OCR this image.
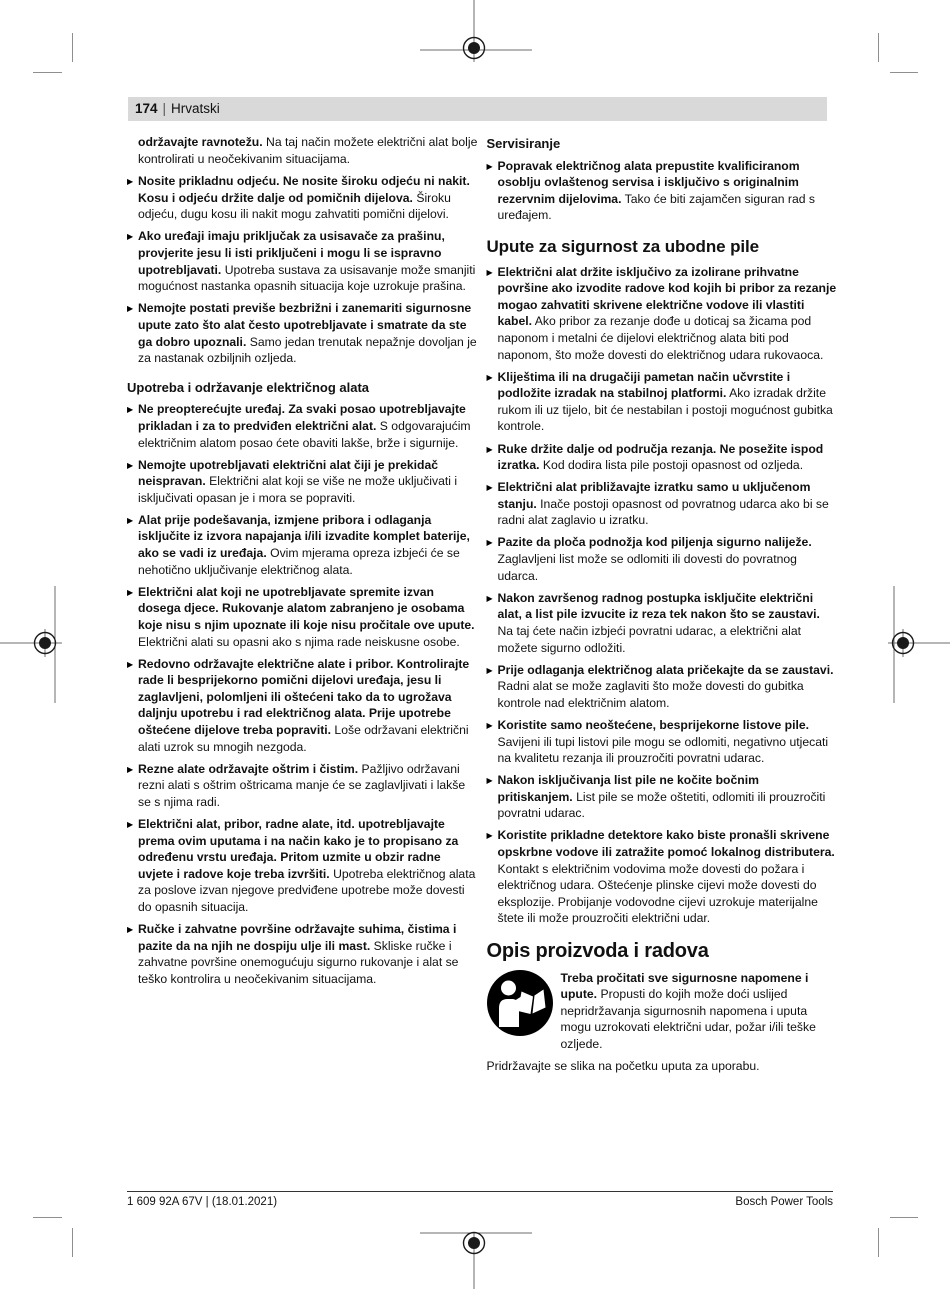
174 | Hrvatski

održavajte ravnotežu. Na taj način možete električni alat bolje kontrolirati u neočekivanim situacijama.

▶ Nosite prikladnu odjeću. Ne nosite široku odjeću ni nakit. Kosu i odjeću držite dalje od pomičnih dijelova. Široku odjeću, dugu kosu ili nakit mogu zahvatiti pomični dijelovi.

▶ Ako uređaji imaju priključak za usisavače za prašinu, provjerite jesu li isti priključeni i mogu li se ispravno upotrebljavati. Upotreba sustava za usisavanje može smanjiti mogućnost nastanka opasnih situacija koje uzrokuje prašina.

▶ Nemojte postati previše bezbrižni i zanemariti sigurnosne upute zato što alat često upotrebljavate i smatrate da ste ga dobro upoznali. Samo jedan trenutak nepažnje dovoljan je za nastanak ozbiljnih ozljeda.

Upotreba i održavanje električnog alata

▶ Ne preopterećujte uređaj. Za svaki posao upotrebljavajte prikladan i za to predviđen električni alat. S odgovarajućim električnim alatom posao ćete obaviti lakše, brže i sigurnije.

▶ Nemojte upotrebljavati električni alat čiji je prekidač neispravan. Električni alat koji se više ne može uključivati i isključivati opasan je i mora se popraviti.

▶ Alat prije podešavanja, izmjene pribora i odlaganja isključite iz izvora napajanja i/ili izvadite komplet baterije, ako se vadi iz uređaja. Ovim mjerama opreza izbjeći će se nehotično uključivanje električnog alata.

▶ Električni alat koji ne upotrebljavate spremite izvan dosega djece. Rukovanje alatom zabranjeno je osobama koje nisu s njim upoznate ili koje nisu pročitale ove upute. Električni alati su opasni ako s njima rade neiskusne osobe.

▶ Redovno održavajte električne alate i pribor. Kontrolirajte rade li besprijekorno pomični dijelovi uređaja, jesu li zaglavljeni, polomljeni ili oštećeni tako da to ugrožava daljnju upotrebu i rad električnog alata. Prije upotrebe oštećene dijelove treba popraviti. Loše održavani električni alati uzrok su mnogih nezgoda.

▶ Rezne alate održavajte oštrim i čistim. Pažljivo održavani rezni alati s oštrim oštricama manje će se zaglavljivati i lakše se s njima radi.

▶ Električni alat, pribor, radne alate, itd. upotrebljavajte prema ovim uputama i na način kako je to propisano za određenu vrstu uređaja. Pritom uzmite u obzir radne uvjete i radove koje treba izvršiti. Upotreba električnog alata za poslove izvan njegove predviđene upotrebe može dovesti do opasnih situacija.

▶ Ručke i zahvatne površine održavajte suhima, čistima i pazite da na njih ne dospiju ulje ili mast. Skliske ručke i zahvatne površine onemogućuju sigurno rukovanje i alat se teško kontrolira u neočekivanim situacijama.

Servisiranje

▶ Popravak električnog alata prepustite kvalificiranom osoblju ovlaštenog servisa i isključivo s originalnim rezervnim dijelovima. Tako će biti zajamčen siguran rad s uređajem.

Upute za sigurnost za ubodne pile

▶ Električni alat držite isključivo za izolirane prihvatne površine ako izvodite radove kod kojih bi pribor za rezanje mogao zahvatiti skrivene električne vodove ili vlastiti kabel. Ako pribor za rezanje dođe u doticaj sa žicama pod naponom i metalni će dijelovi električnog alata biti pod naponom, što može dovesti do električnog udara rukovaoca.

▶ Kliještima ili na drugačiji pametan način učvrstite i podložite izradak na stabilnoj platformi. Ako izradak držite rukom ili uz tijelo, bit će nestabilan i postoji mogućnost gubitka kontrole.

▶ Ruke držite dalje od područja rezanja. Ne posežite ispod izratka. Kod dodira lista pile postoji opasnost od ozljeda.

▶ Električni alat približavajte izratku samo u uključenom stanju. Inače postoji opasnost od povratnog udarca ako bi se radni alat zaglavio u izratku.

▶ Pazite da ploča podnožja kod piljenja sigurno naliježe. Zaglavljeni list može se odlomiti ili dovesti do povratnog udarca.

▶ Nakon završenog radnog postupka isključite električni alat, a list pile izvucite iz reza tek nakon što se zaustavi. Na taj ćete način izbjeći povratni udarac, a električni alat možete sigurno odložiti.

▶ Prije odlaganja električnog alata pričekajte da se zaustavi. Radni alat se može zaglaviti što može dovesti do gubitka kontrole nad električnim alatom.

▶ Koristite samo neoštećene, besprijekorne listove pile. Savijeni ili tupi listovi pile mogu se odlomiti, negativno utjecati na kvalitetu rezanja ili prouzročiti povratni udarac.

▶ Nakon isključivanja list pile ne kočite bočnim pritiskanjem. List pile se može oštetiti, odlomiti ili prouzročiti povratni udarac.

▶ Koristite prikladne detektore kako biste pronašli skrivene opskrbne vodove ili zatražite pomoć lokalnog distributera. Kontakt s električnim vodovima može dovesti do požara i električnog udara. Oštećenje plinske cijevi može dovesti do eksplozije. Probijanje vodovodne cijevi uzrokuje materijalne štete ili može prouzročiti električni udar.

Opis proizvoda i radova

Treba pročitati sve sigurnosne napomene i upute. Propusti do kojih može doći uslijed nepridržavanja sigurnosnih napomena i uputa mogu uzrokovati električni udar, požar i/ili teške ozljede.

Pridržavajte se slika na početku uputa za uporabu.

1 609 92A 67V | (18.01.2021)	Bosch Power Tools
